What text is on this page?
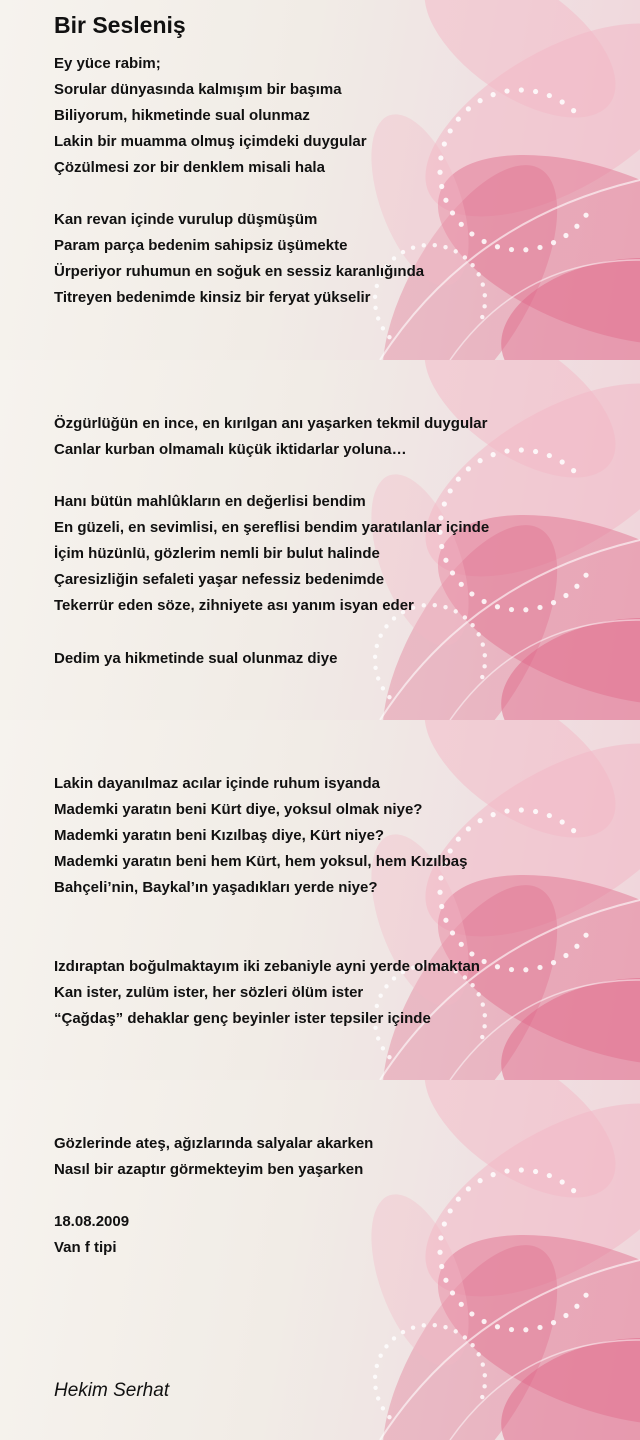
Bir Sesleniş
Ey yüce rabim;
Sorular dünyasında kalmışım bir başıma
Biliyorum, hikmetinde sual olunmaz
Lakin bir muamma olmuş içimdeki duygular
Çözülmesi zor bir denklem misali hala
Kan revan içinde vurulup düşmüşüm
Param parça bedenim sahipsiz üşümekte
Ürperiyor ruhumun en soğuk en sessiz karanlığında
Titreyen bedenimde kinsiz bir feryat yükselir
Özgürlüğün en ince, en kırılgan anı yaşarken tekmil duygular
Canlar kurban olmamalı küçük iktidarlar yoluna…
Hanı bütün mahlûkların en değerlisi bendim
En güzeli, en sevimlisi, en şereflisi bendim yaratılanlar içinde
İçim hüzünlü, gözlerim nemli bir bulut halinde
Çaresizliğin sefaleti yaşar nefessiz bedenimde
Tekerrür eden söze, zihniyete ası yanım isyan eder
Dedim ya hikmetinde sual olunmaz diye
Lakin dayanılmaz acılar içinde ruhum isyanda
Mademki yaratın beni Kürt diye, yoksul olmak niye?
Mademki yaratın beni Kızılbaş diye, Kürt niye?
Mademki yaratın beni hem Kürt, hem yoksul, hem Kızılbaş
Bahçeli’nin, Baykal’ın yaşadıkları yerde niye?
Izdıraptan boğulmaktayım iki zebaniyle ayni yerde olmaktan
Kan ister, zulüm ister, her sözleri ölüm ister
“Çağdaş” dehaklar genç beyinler ister tepsiler içinde
Gözlerinde ateş, ağızlarında salyalar akarken
Nasıl bir azaptır görmekteyim ben yaşarken
18.08.2009
Van f tipi
Hekim Serhat
